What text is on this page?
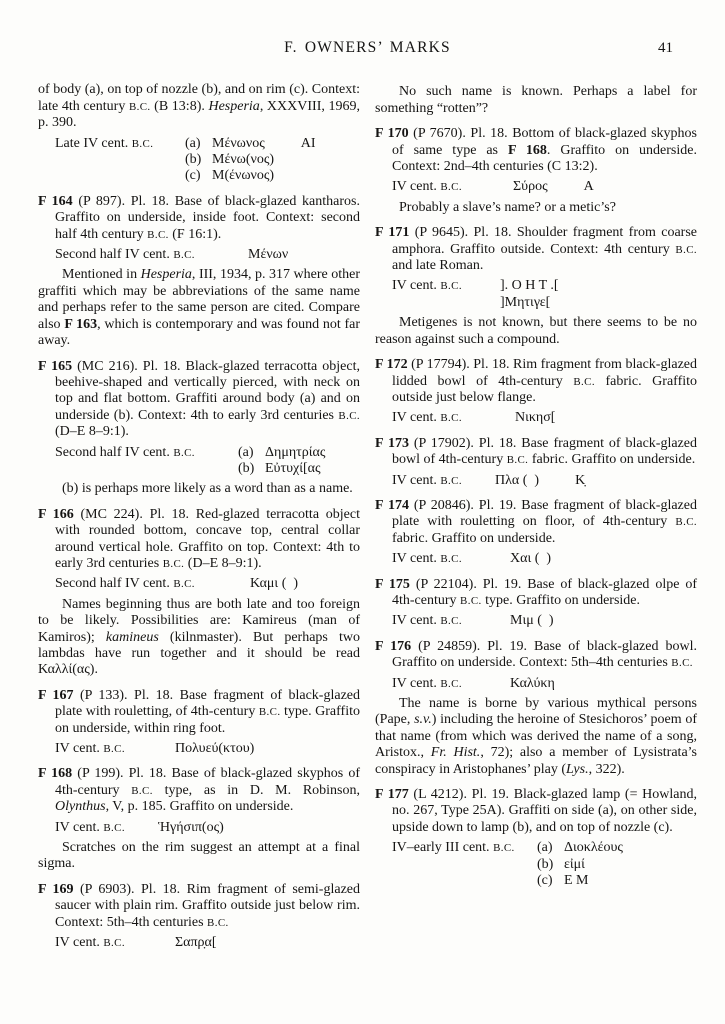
F. OWNERS’ MARKS	41
of body (a), on top of nozzle (b), and on rim (c). Context: late 4th century B.C. (B 13:8). Hesperia, XXXVIII, 1969, p. 390.
Late IV cent. B.C. (a) Μένωνος	ΑΙ
(b) Μένω(νος)
(c) Μ(ένωνος)
F 164 (P 897). Pl. 18. Base of black-glazed kantharos. Graffito on underside, inside foot. Context: second half 4th century B.C. (F 16:1).
Second half IV cent. B.C.	Μένων
Mentioned in Hesperia, III, 1934, p. 317 where other graffiti which may be abbreviations of the same name and perhaps refer to the same person are cited. Compare also F 163, which is contemporary and was found not far away.
F 165 (MC 216). Pl. 18. Black-glazed terracotta object, beehive-shaped and vertically pierced, with neck on top and flat bottom. Graffiti around body (a) and on underside (b). Context: 4th to early 3rd centuries B.C. (D–E 8–9:1).
Second half IV cent. B.C.	(a) Δημητρίας
(b) Εὐτυχί[ας
(b) is perhaps more likely as a word than as a name.
F 166 (MC 224). Pl. 18. Red-glazed terracotta object with rounded bottom, concave top, central collar around vertical hole. Graffito on top. Context: 4th to early 3rd centuries B.C. (D–E 8–9:1).
Second half IV cent. B.C.	Καμι (  )
Names beginning thus are both late and too foreign to be likely. Possibilities are: Kamireus (man of Kamiros); kamineus (kilnmaster). But perhaps two lambdas have run together and it should be read Καλλί(ας).
F 167 (P 133). Pl. 18. Base fragment of black-glazed plate with rouletting, of 4th-century B.C. type. Graffito on underside, within ring foot.
IV cent. B.C.	Πολυεύ(κτου)
F 168 (P 199). Pl. 18. Base of black-glazed skyphos of 4th-century B.C. type, as in D. M. Robinson, Olynthus, V, p. 185. Graffito on underside.
IV cent. B.C. Ἡγήσιπ(ος)
Scratches on the rim suggest an attempt at a final sigma.
F 169 (P 6903). Pl. 18. Rim fragment of semi-glazed saucer with plain rim. Graffito outside just below rim. Context: 5th–4th centuries B.C.
IV cent. B.C.	Σαπρ̣α[
No such name is known. Perhaps a label for something “rotten”?
F 170 (P 7670). Pl. 18. Bottom of black-glazed skyphos of same type as F 168. Graffito on underside. Context: 2nd–4th centuries (C 13:2).
IV cent. B.C.	Σύρος	Α
Probably a slave’s name? or a metic’s?
F 171 (P 9645). Pl. 18. Shoulder fragment from coarse amphora. Graffito outside. Context: 4th century B.C. and late Roman.
IV cent. B.C.	]. Ο Η Τ .[
]Μητιγε[
Metigenes is not known, but there seems to be no reason against such a compound.
F 172 (P 17794). Pl. 18. Rim fragment from black-glazed lidded bowl of 4th-century B.C. fabric. Graffito outside just below flange.
IV cent. B.C.	Νικησ[
F 173 (P 17902). Pl. 18. Base fragment of black-glazed bowl of 4th-century B.C. fabric. Graffito on underside.
IV cent. B.C. Πλα (  )	Κ̣
F 174 (P 20846). Pl. 19. Base fragment of black-glazed plate with rouletting on floor, of 4th-century B.C. fabric. Graffito on underside.
IV cent. B.C.	Χαι (  )
F 175 (P 22104). Pl. 19. Base of black-glazed olpe of 4th-century B.C. type. Graffito on underside.
IV cent. B.C.	Μιμ (  )
F 176 (P 24859). Pl. 19. Base of black-glazed bowl. Graffito on underside. Context: 5th–4th centuries B.C.
IV cent. B.C.	Καλύκη
The name is borne by various mythical persons (Pape, s.v.) including the heroine of Stesichoros’ poem of that name (from which was derived the name of a song, Aristox., Fr. Hist., 72); also a member of Lysistrata’s conspiracy in Aristophanes’ play (Lys., 322).
F 177 (L 4212). Pl. 19. Black-glazed lamp (= Howland, no. 267, Type 25A). Graffiti on side (a), on other side, upside down to lamp (b), and on top of nozzle (c).
IV–early III cent. B.C. (a) Διοκλέους
(b) εἰμί
(c) Ε Μ
